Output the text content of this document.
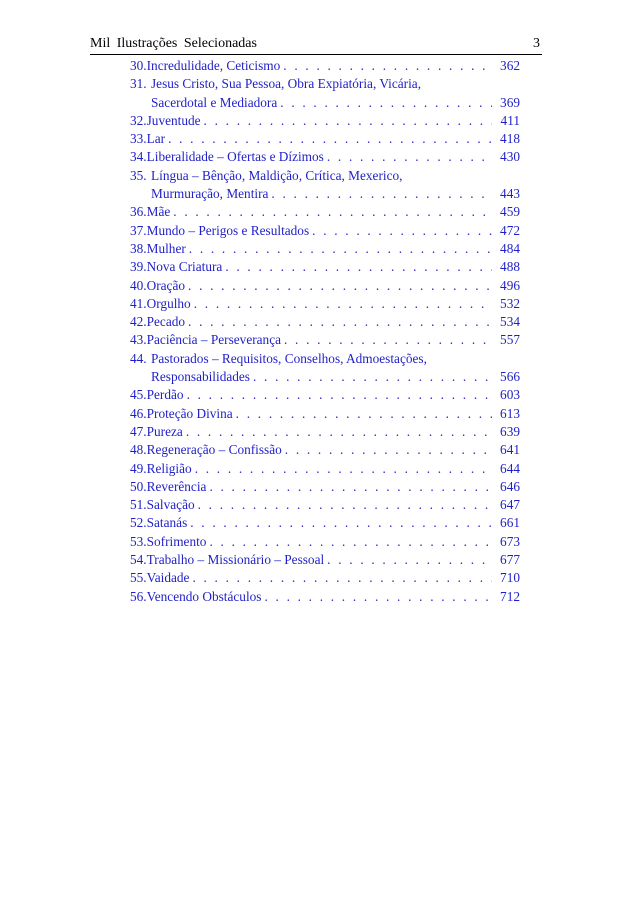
Mil Ilustrações Selecionadas	3
30. Incredulidade, Ceticismo . . .	362
31. Jesus Cristo, Sua Pessoa, Obra Expiatória, Vicária,
Sacerdotal e Mediadora . . .	369
32. Juventude . . .	411
33. Lar . . .	418
34. Liberalidade – Ofertas e Dízimos . . .	430
35. Língua – Bênção, Maldição, Crítica, Mexerico,
Murmuração, Mentira . . .	443
36. Mãe . . .	459
37. Mundo – Perigos e Resultados . . .	472
38. Mulher . . .	484
39. Nova Criatura . . .	488
40. Oração . . .	496
41. Orgulho . . .	532
42. Pecado . . .	534
43. Paciência – Perseverança . . .	557
44. Pastorados – Requisitos, Conselhos, Admoestações,
Responsabilidades . . .	566
45. Perdão . . .	603
46. Proteção Divina . . .	613
47. Pureza . . .	639
48. Regeneração – Confissão . . .	641
49. Religião . . .	644
50. Reverência . . .	646
51. Salvação . . .	647
52. Satanás . . .	661
53. Sofrimento . . .	673
54. Trabalho – Missionário – Pessoal . . .	677
55. Vaidade . . .	710
56. Vencendo Obstáculos . . .	712
